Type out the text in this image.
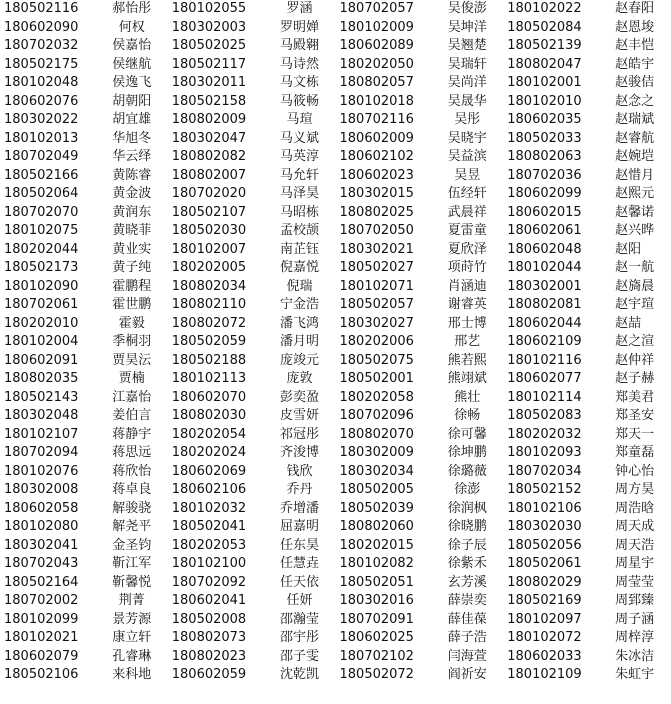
180502116	郝怡彤	180102055	罗涵	180702057	吴俊澎	180102022	赵春阳
180602090	何权	180302003	罗明婵	180102009	吴坤洋	180502084	赵恩埈
180702032	侯嘉怡	180502025	马殿翱	180602089	吴翘楚	180502139	赵丰恺
180502175	侯继航	180502117	马诗然	180202050	吴瑞轩	180802047	赵皓宇
180102048	侯逸飞	180302011	马文栋	180802057	吴尚洋	180102001	赵骏佶
180602076	胡朝阳	180502158	马筱畅	180102018	吴晟华	180102010	赵念之
180302022	胡宜雄	180802009	马瑄	180702116	吴彤	180602035	赵瑞斌
180102013	华旭冬	180302047	马义斌	180602009	吴晓宇	180502033	赵睿航
180702049	华云绎	180802082	马英淳	180602102	吴益滨	180802063	赵婉垲
180502166	黄陈睿	180802007	马允轩	180602023	吴昱	180702036	赵惜月
180502064	黄金波	180702020	马泽昊	180302015	伍经轩	180602099	赵熙元
180702070	黄润东	180502107	马昭栋	180802025	武晨祥	180602015	赵馨诺
180102075	黄晓菲	180502030	孟校颉	180702050	夏雷童	180602061	赵兴晔
180202044	黄业实	180102007	南芷钰	180302021	夏欣泽	180602048	赵阳
180502173	黄子纯	180202005	倪嘉悦	180502027	项莳竹	180102044	赵一航
180102090	霍鹏程	180802034	倪瑞	180102071	肖涵迪	180302001	赵旖晨
180702061	霍世鹏	180802110	宁金浩	180502057	谢睿英	180802081	赵宇瑄
180202010	霍毅	180802072	潘飞鸿	180302027	邢士博	180602044	赵喆
180102004	季桐羽	180502059	潘月明	180202006	邢艺	180602109	赵之渲
180602091	贾昊沄	180502188	庞竣元	180502075	熊若熙	180102116	赵仲祥
180802035	贾楠	180102113	庞敦	180502001	熊翊斌	180602077	赵子赫
180502143	江嘉怡	180602070	彭奕盈	180202058	熊壮	180102114	郑美君
180302048	姜伯言	180802030	皮雪妍	180702096	徐畅	180502083	郑圣安
180102107	蒋静宇	180202054	祁冠彤	180802070	徐可馨	180202032	郑天一
180702094	蒋思远	180202024	齐浚博	180302009	徐坤鹏	180102093	郑童磊
180102076	蒋欣怡	180602069	钱欣	180302034	徐璐薇	180702034	钟心怡
180302008	蒋卓良	180602106	乔丹	180502005	徐澎	180502152	周方昊
180602058	解骏骁	180102032	乔增潘	180502039	徐润枫	180102106	周浩晗
180102080	解尧平	180502041	屈嘉明	180802060	徐晓鹏	180302030	周天成
180302041	金圣钧	180202053	任东昊	180202015	徐子辰	180502056	周天浩
180702043	靳江军	180102100	任慧垚	180102082	徐紫禾	180502061	周星宇
180502164	靳馨悦	180702092	任天依	180502051	玄芳溪	180802029	周莹莹
180702002	荆菁	180602041	任妍	180302016	薛崇奕	180502169	周郅臻
180102099	景芳源	180502008	邵瀚莹	180702091	薛佳葆	180102097	周子涵
180102021	康立轩	180802073	邵宇彤	180602025	薛子浩	180102072	周梓淳
180602079	孔睿琳	180802023	邵子雯	180702102	闫海萱	180602033	朱冰洁
180502106	来科地	180602059	沈乾凯	180502072	阎祈安	180102109	朱虹宇
